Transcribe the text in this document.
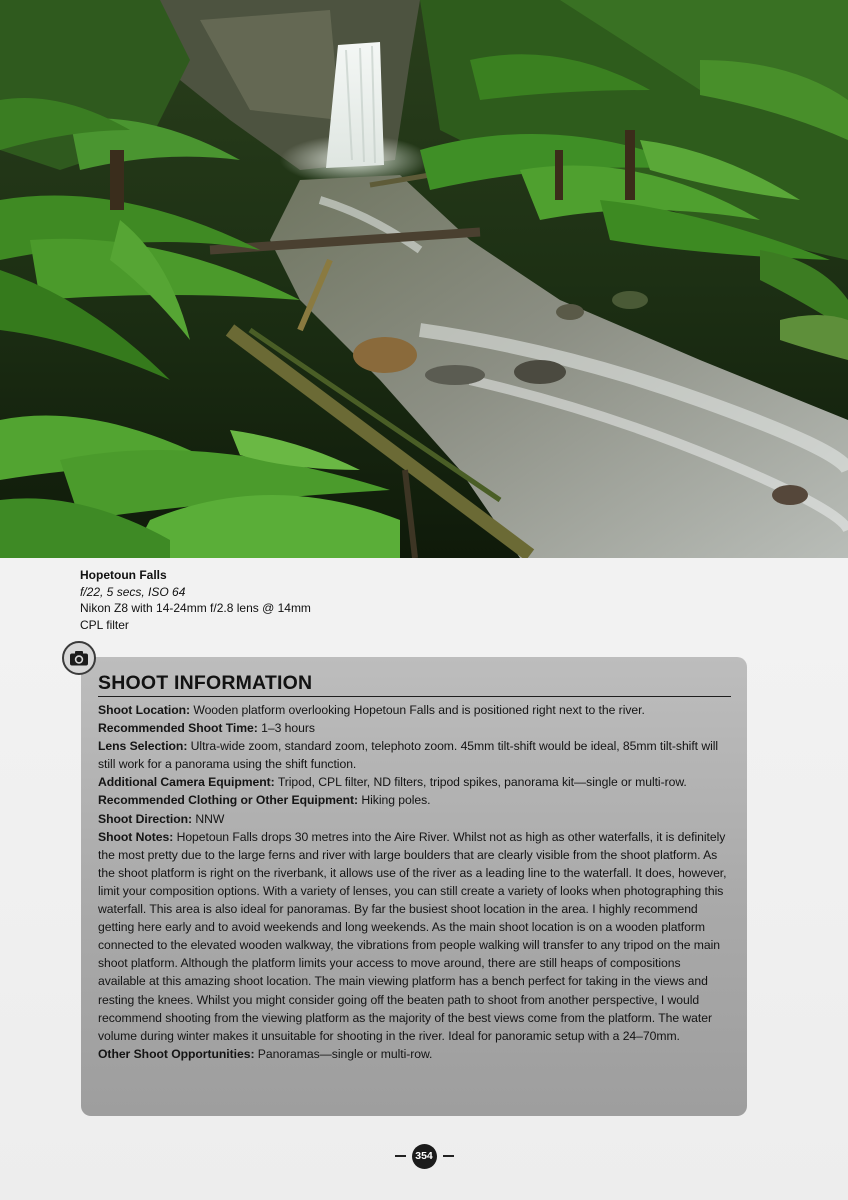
Hopetoun Falls
f/22, 5 secs, ISO 64
Nikon Z8 with 14-24mm f/2.8 lens @ 14mm
CPL filter
SHOOT INFORMATION
Shoot Location: Wooden platform overlooking Hopetoun Falls and is positioned right next to the river.
Recommended Shoot Time: 1–3 hours
Lens Selection: Ultra-wide zoom, standard zoom, telephoto zoom. 45mm tilt-shift would be ideal, 85mm tilt-shift will still work for a panorama using the shift function.
Additional Camera Equipment: Tripod, CPL filter, ND filters, tripod spikes, panorama kit—single or multi-row.
Recommended Clothing or Other Equipment: Hiking poles.
Shoot Direction: NNW
Shoot Notes: Hopetoun Falls drops 30 metres into the Aire River. Whilst not as high as other waterfalls, it is definitely the most pretty due to the large ferns and river with large boulders that are clearly visible from the shoot platform. As the shoot platform is right on the riverbank, it allows use of the river as a leading line to the waterfall. It does, however, limit your composition options. With a variety of lenses, you can still create a variety of looks when photographing this waterfall. This area is also ideal for panoramas. By far the busiest shoot location in the area. I highly recommend getting here early and to avoid weekends and long weekends. As the main shoot location is on a wooden platform connected to the elevated wooden walkway, the vibrations from people walking will transfer to any tripod on the main shoot platform. Although the platform limits your access to move around, there are still heaps of compositions available at this amazing shoot location. The main viewing platform has a bench perfect for taking in the views and resting the knees. Whilst you might consider going off the beaten path to shoot from another perspective, I would recommend shooting from the viewing platform as the majority of the best views come from the platform. The water volume during winter makes it unsuitable for shooting in the river. Ideal for panoramic setup with a 24–70mm.
Other Shoot Opportunities: Panoramas—single or multi-row.
354
